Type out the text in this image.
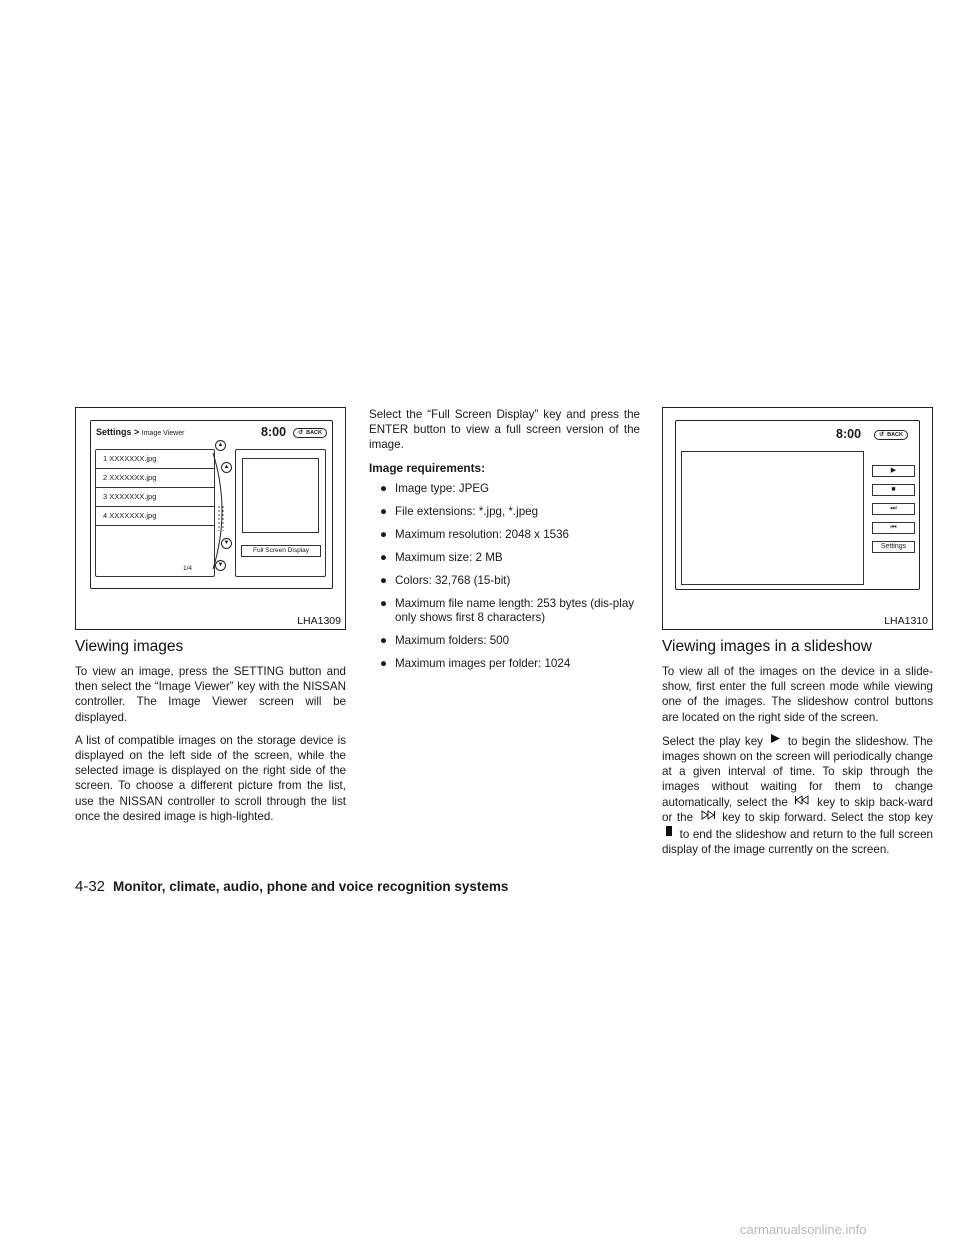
Settings > Image Viewer	8:00 ↺ BACK
1 XXXXXXX.jpg
2 XXXXXXX.jpg
3 XXXXXXX.jpg
4 XXXXXXX.jpg
1/4
▲
▲
▼
▼
Full Screen Display
LHA1309
Viewing images

To view an image, press the SETTING button and then select the “Image Viewer” key with the NISSAN controller. The Image Viewer screen will be displayed.

A list of compatible images on the storage device is displayed on the left side of the screen, while the selected image is displayed on the right side of the screen. To choose a different picture from the list, use the NISSAN controller to scroll through the list once the desired image is high-lighted.

Select the “Full Screen Display” key and press the ENTER button to view a full screen version of the image.

Image requirements:
● Image type: JPEG
● File extensions: *.jpg, *.jpeg
● Maximum resolution: 2048 x 1536
● Maximum size: 2 MB
● Colors: 32,768 (15-bit)
● Maximum file name length: 253 bytes (dis-play only shows first 8 characters)
● Maximum folders: 500
● Maximum images per folder: 1024
8:00	↺ BACK
▶
■
⏭
⏮
Settings
LHA1310
Viewing images in a slideshow

To view all of the images on the device in a slide-show, first enter the full screen mode while viewing one of the images. The slideshow control buttons are located on the right side of the screen.

Select the play key to begin the slideshow. The images shown on the screen will periodically change at a given interval of time. To skip through the images without waiting for them to change automatically, select the	key to skip back-ward or the	key to skip forward. Select the stop key  to end the slideshow and return to the full screen display of the image currently on the screen.

4-32 Monitor, climate, audio, phone and voice recognition systems
carmanualsonline.info
